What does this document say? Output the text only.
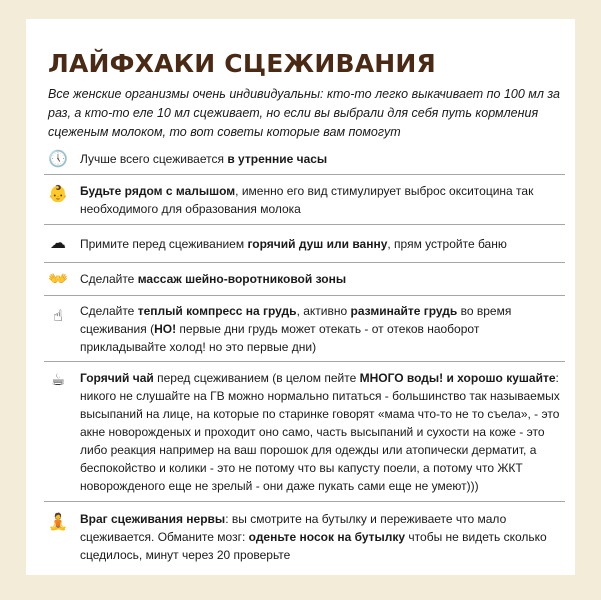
ЛАЙФХАКИ СЦЕЖИВАНИЯ
Все женские организмы очень индивидуальны: кто-то легко выкачивает по 100 мл за раз, а кто-то еле 10 мл сцеживает, но если вы выбрали для себя путь кормления сцеженым молоком, то вот советы которые вам помогут
🕔 Лучше всего сцеживается в утренние часы
👶 Будьте рядом с малышом, именно его вид стимулирует выброс окситоцина так необходимого для образования молока
☁ Примите перед сцеживанием горячий душ или ванну, прям устройте баню
👐 Сделайте массаж шейно-воротниковой зоны
☝	Сделайте теплый компресс на грудь, активно разминайте грудь во время сцеживания (НО! первые дни грудь может отекать - от отеков наоборот прикладывайте холод! но это первые дни)
☕ Горячий чай перед сцеживанием (в целом пейте МНОГО воды! и хорошо кушайте: никого не слушайте на ГВ можно нормально питаться - большинство так называемых высыпаний на лице, на которые по старинке говорят «мама что-то не то съела», - это акне новорожденых и проходит оно само, часть высыпаний и сухости на коже - это либо реакция например на ваш порошок для одежды или атопически дерматит, а беспокойство и колики - это не потому что вы капусту поели, а потому что ЖКТ новорожденого еще не зрелый - они даже пукать сами еще не умеют)))
🧘 Враг сцеживания нервы: вы смотрите на бутылку и переживаете что мало сцеживается. Обманите мозг: оденьте носок на бутылку чтобы не видеть сколько сцедилось, минут через 20 проверьте
